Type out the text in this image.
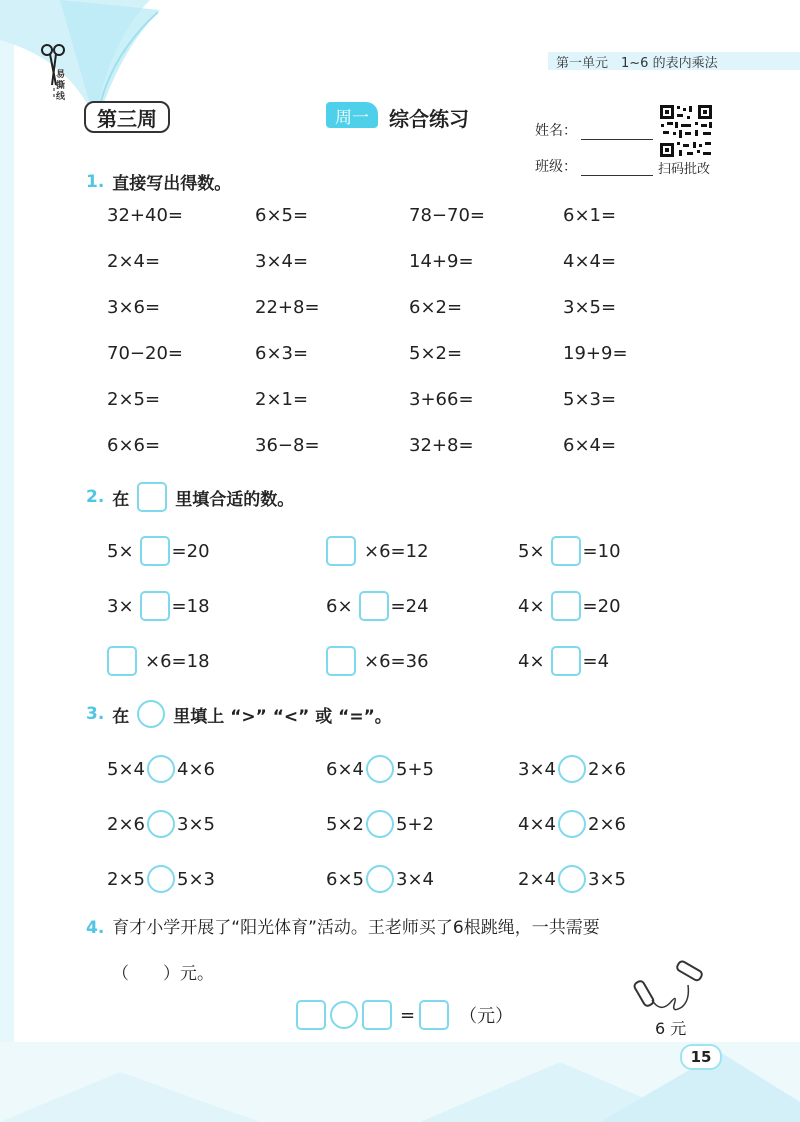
易撕线
第一单元　1~6 的表内乘法
第三周	周一	综合练习	姓名：
班级：	扫码批改
1. 直接写出得数。
32+40=	6×5=	78−70=	6×1=
2×4=	3×4=	14+9=	4×4=
3×6=	22+8=	6×2=	3×5=
70−20=	6×3=	5×2=	19+9=
2×5=	2×1=	3+66=	5×3=
6×6=	36−8=	32+8=	6×4=
2. 在	里填合适的数。
5× =20	×6=12	5× =10
3× =18	6× =24	4× =20
×6=18	×6=36	4× =4
3. 在	里填上 “>” “<” 或 “=”。
5×4 4×6	6×4 5+5	3×4 2×6
2×6 3×5	5×2 5+2	4×4 2×6
2×5 5×3	6×5 3×4	2×4 3×5
4. 育才小学开展了“阳光体育”活动。王老师买了6根跳绳，一共需要
（　　）元。
= （元）
6 元
15
